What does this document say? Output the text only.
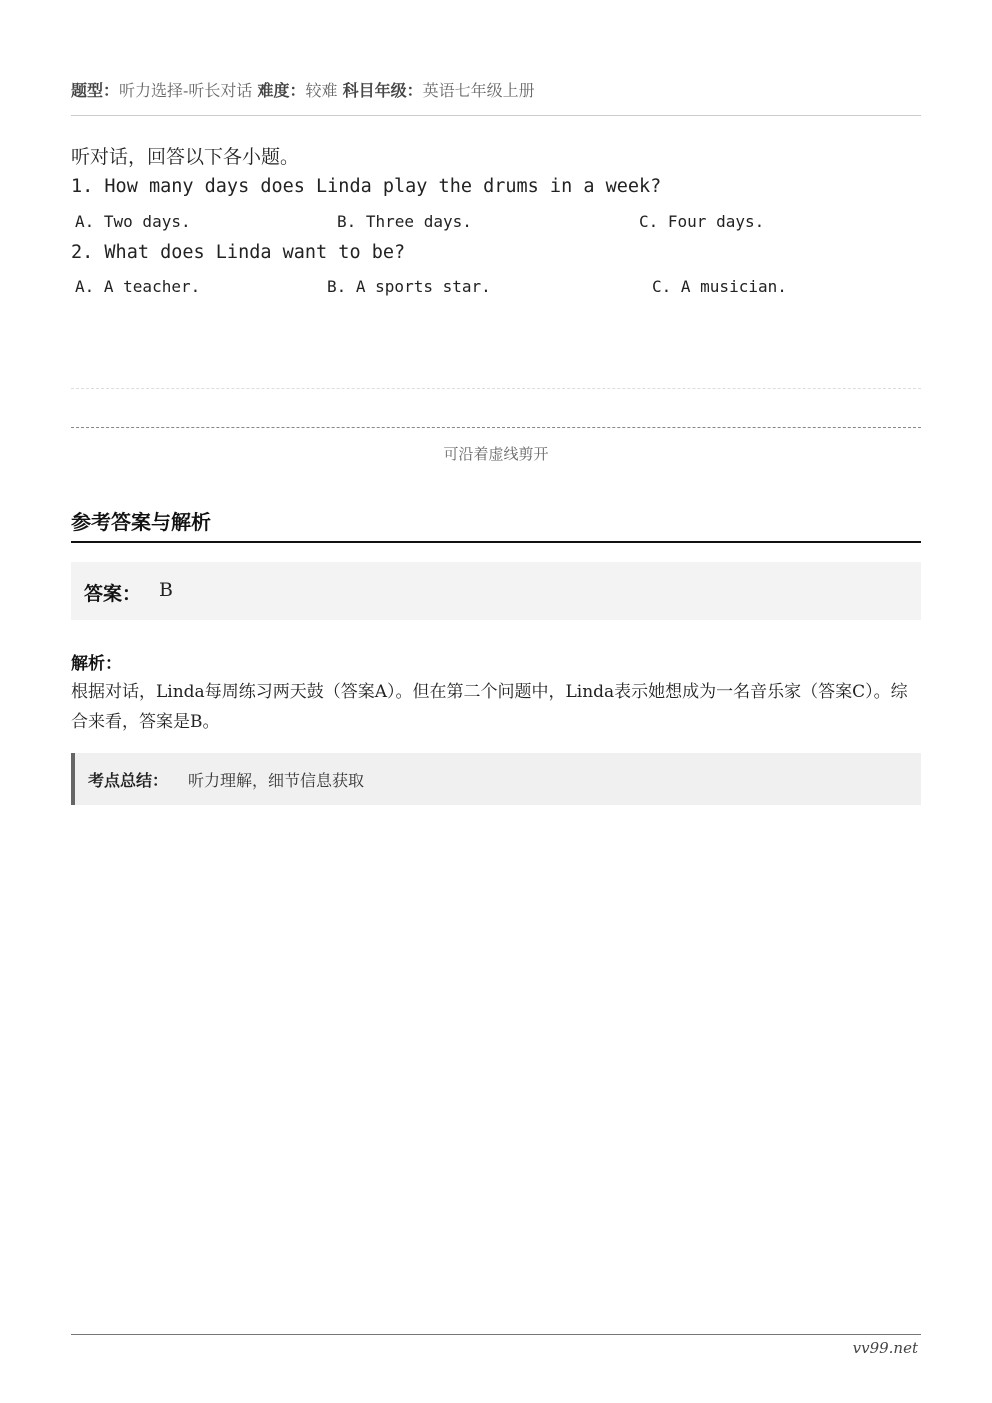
题型：听力选择-听长对话 难度：较难 科目年级：英语七年级上册
听对话，回答以下各小题。
1. How many days does Linda play the drums in a week?
A. Two days.	B. Three days.	C. Four days.
2. What does Linda want to be?
A. A teacher.	B. A sports star.	C. A musician.
可沿着虚线剪开
参考答案与解析
答案： B
解析：
根据对话，Linda每周练习两天鼓（答案A）。但在第二个问题中，Linda表示她想成为一名音乐家（答案C）。综合来看，答案是B。
考点总结： 听力理解，细节信息获取
vv99.net
